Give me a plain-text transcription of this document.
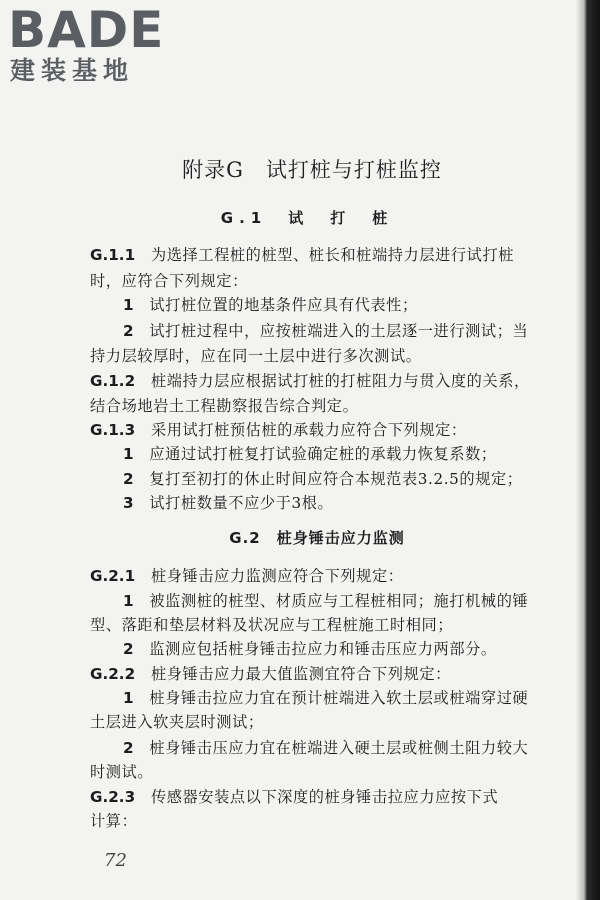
BADE
建装基地
附录G　试打桩与打桩监控
G.1　试　打　桩
G.1.1　 为选择工程桩的桩型、桩长和桩端持力层进行试打桩
时，应符合下列规定：
1　 试打桩位置的地基条件应具有代表性；
2　 试打桩过程中，应按桩端进入的土层逐一进行测试；当
持力层较厚时，应在同一土层中进行多次测试。
G.1.2　 桩端持力层应根据试打桩的打桩阻力与贯入度的关系，
结合场地岩土工程勘察报告综合判定。
G.1.3　 采用试打桩预估桩的承载力应符合下列规定：
1　 应通过试打桩复打试验确定桩的承载力恢复系数；
2　 复打至初打的休止时间应符合本规范表3.2.5的规定；
3　 试打桩数量不应少于3根。
G.2　桩身锤击应力监测
G.2.1　 桩身锤击应力监测应符合下列规定：
1　 被监测桩的桩型、材质应与工程桩相同；施打机械的锤
型、落距和垫层材料及状况应与工程桩施工时相同；
2　 监测应包括桩身锤击拉应力和锤击压应力两部分。
G.2.2　 桩身锤击应力最大值监测宜符合下列规定：
1　 桩身锤击拉应力宜在预计桩端进入软土层或桩端穿过硬
土层进入软夹层时测试；
2　 桩身锤击压应力宜在桩端进入硬土层或桩侧土阻力较大
时测试。
G.2.3　 传感器安装点以下深度的桩身锤击拉应力应按下式
计算：
72
